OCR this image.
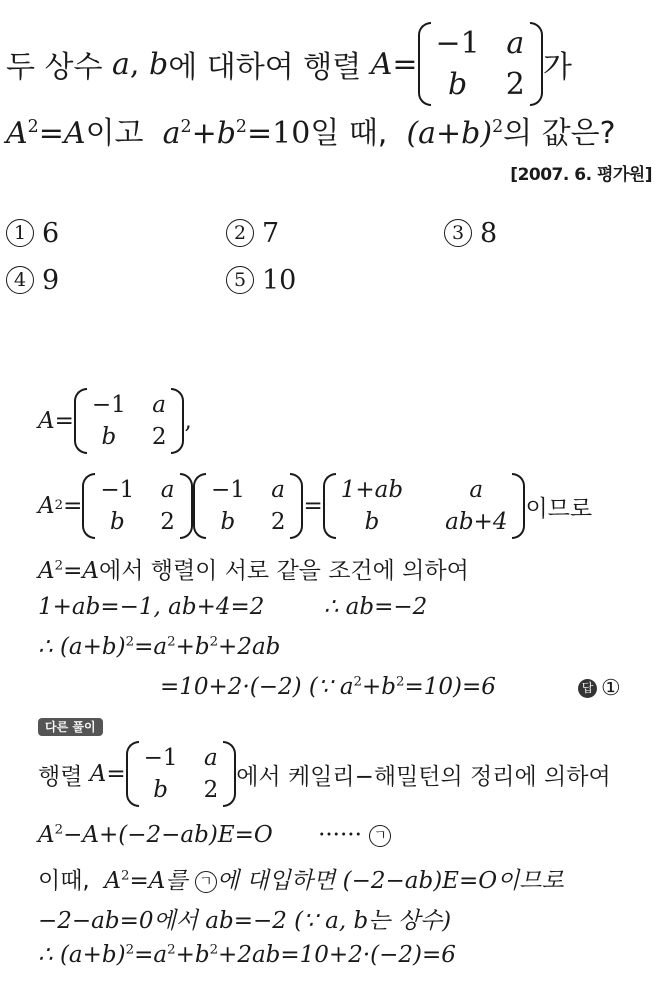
두 상수
a ,
b 에 대하여 행렬
A =
−1 a
b	2 가
$A^2=A$이고 $a^2+b^2=10$일 때, $(a+b)^2$의 값은?
[2007. 6. 평가원]
1 6	2 7	3 8
4 9	5 10
A =
−1 a
b	2
,
A 2 =
−1 a
b	2
−1 a
b	2
=
1+ab	a
b	ab+4
이므로
$A^2=A$에서 행렬이 서로 같을 조건에 의하여
1+ab=−1, ab+4=2	∴ ab=−2
∴ $(a+b)^2=a^2+b^2+2ab$
=10+2·(−2) (∵ $a^2+b^2=10)=6$	답 ①
다른 풀이
행렬
A =
−1 a
b	2
에서 케일리−해밀턴의 정리에 의하여
$A^2-A+(-2-ab)E=O$ ······ ㄱ
이때, $A^2=A$를 ㄱ 에 대입하면 (−2−ab)E=O이므로
−2−ab=0에서 ab=−2 (∵ a, b는 상수)
∴ $(a+b)^2=a^2+b^2+2ab=10+2\cdot(-2)=6$
